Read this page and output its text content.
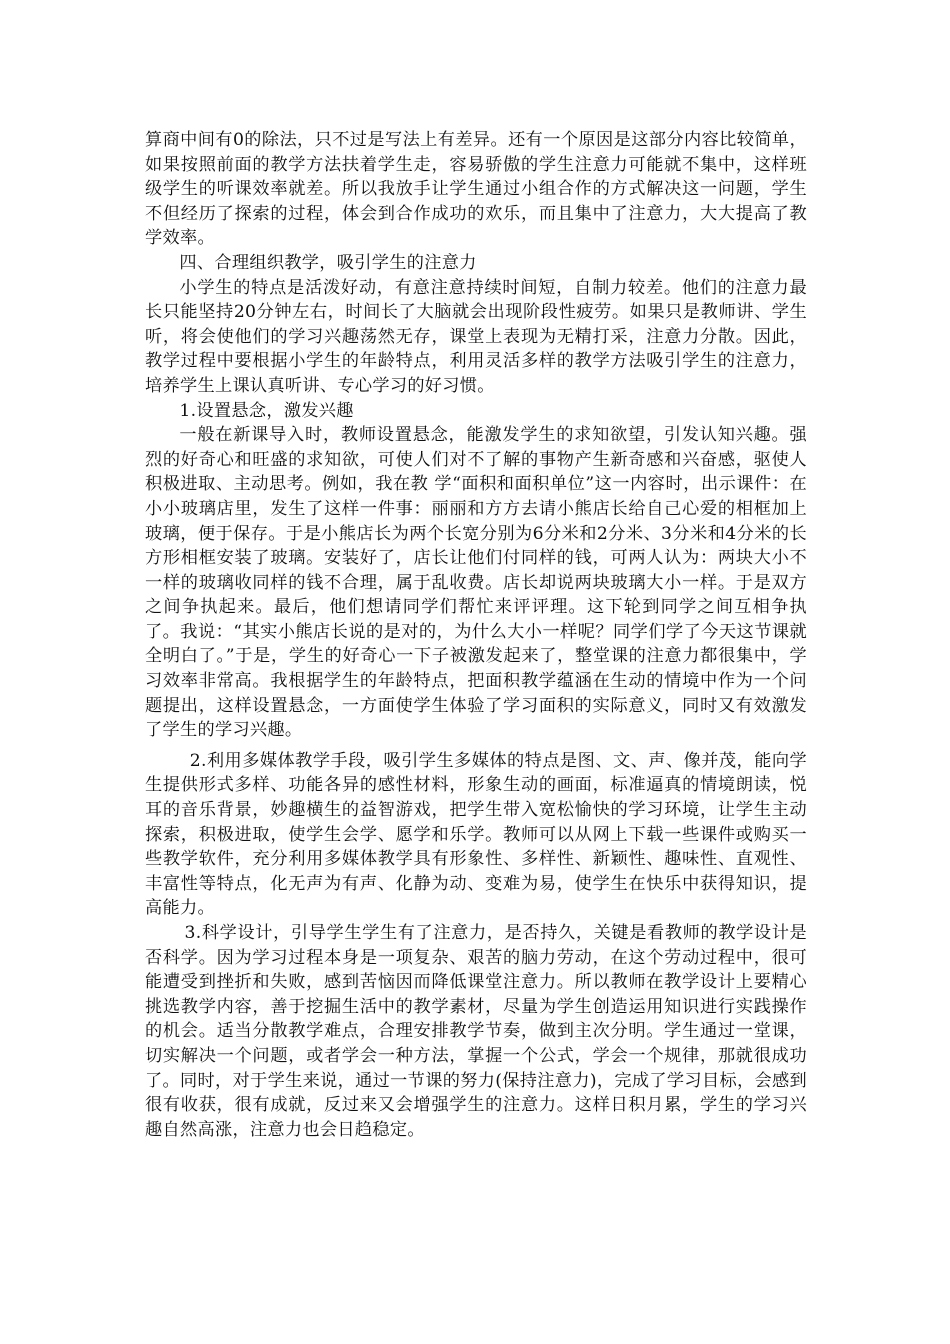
算商中间有0的除法，只不过是写法上有差异。还有一个原因是这部分内容比较简单，如果按照前面的教学方法扶着学生走，容易骄傲的学生注意力可能就不集中，这样班级学生的听课效率就差。所以我放手让学生通过小组合作的方式解决这一问题，学生不但经历了探索的过程，体会到合作成功的欢乐，而且集中了注意力，大大提高了教学效率。

四、合理组织教学，吸引学生的注意力

小学生的特点是活泼好动，有意注意持续时间短，自制力较差。他们的注意力最长只能坚持20分钟左右，时间长了大脑就会出现阶段性疲劳。如果只是教师讲、学生听，将会使他们的学习兴趣荡然无存，课堂上表现为无精打采，注意力分散。因此，教学过程中要根据小学生的年龄特点，利用灵活多样的教学方法吸引学生的注意力，培养学生上课认真听讲、专心学习的好习惯。

1.设置悬念，激发兴趣

一般在新课导入时，教师设置悬念，能激发学生的求知欲望，引发认知兴趣。强烈的好奇心和旺盛的求知欲，可使人们对不了解的事物产生新奇感和兴奋感，驱使人积极进取、主动思考。例如，我在教 学“面积和面积单位”这一内容时，出示课件：在小小玻璃店里，发生了这样一件事：丽丽和方方去请小熊店长给自己心爱的相框加上玻璃，便于保存。于是小熊店长为两个长宽分别为6分米和2分米、3分米和4分米的长方形相框安装了玻璃。安装好了，店长让他们付同样的钱，可两人认为：两块大小不一样的玻璃收同样的钱不合理，属于乱收费。店长却说两块玻璃大小一样。于是双方之间争执起来。最后，他们想请同学们帮忙来评评理。这下轮到同学之间互相争执了。我说：“其实小熊店长说的是对的，为什么大小一样呢？同学们学了今天这节课就全明白了。”于是，学生的好奇心一下子被激发起来了，整堂课的注意力都很集中，学习效率非常高。我根据学生的年龄特点，把面积教学蕴涵在生动的情境中作为一个问题提出，这样设置悬念，一方面使学生体验了学习面积的实际意义，同时又有效激发了学生的学习兴趣。

2.利用多媒体教学手段，吸引学生多媒体的特点是图、文、声、像并茂，能向学生提供形式多样、功能各异的感性材料，形象生动的画面，标准逼真的情境朗读，悦耳的音乐背景，妙趣横生的益智游戏，把学生带入宽松愉快的学习环境，让学生主动探索，积极进取，使学生会学、愿学和乐学。教师可以从网上下载一些课件或购买一些教学软件，充分利用多媒体教学具有形象性、多样性、新颖性、趣味性、直观性、丰富性等特点，化无声为有声、化静为动、变难为易，使学生在快乐中获得知识，提高能力。

3.科学设计，引导学生学生有了注意力，是否持久，关键是看教师的教学设计是否科学。因为学习过程本身是一项复杂、艰苦的脑力劳动，在这个劳动过程中，很可能遭受到挫折和失败，感到苦恼因而降低课堂注意力。所以教师在教学设计上要精心挑选教学内容，善于挖掘生活中的教学素材，尽量为学生创造运用知识进行实践操作的机会。适当分散教学难点，合理安排教学节奏，做到主次分明。学生通过一堂课，切实解决一个问题，或者学会一种方法，掌握一个公式，学会一个规律，那就很成功了。同时，对于学生来说，通过一节课的努力(保持注意力)，完成了学习目标，会感到很有收获，很有成就，反过来又会增强学生的注意力。这样日积月累，学生的学习兴趣自然高涨，注意力也会日趋稳定。
